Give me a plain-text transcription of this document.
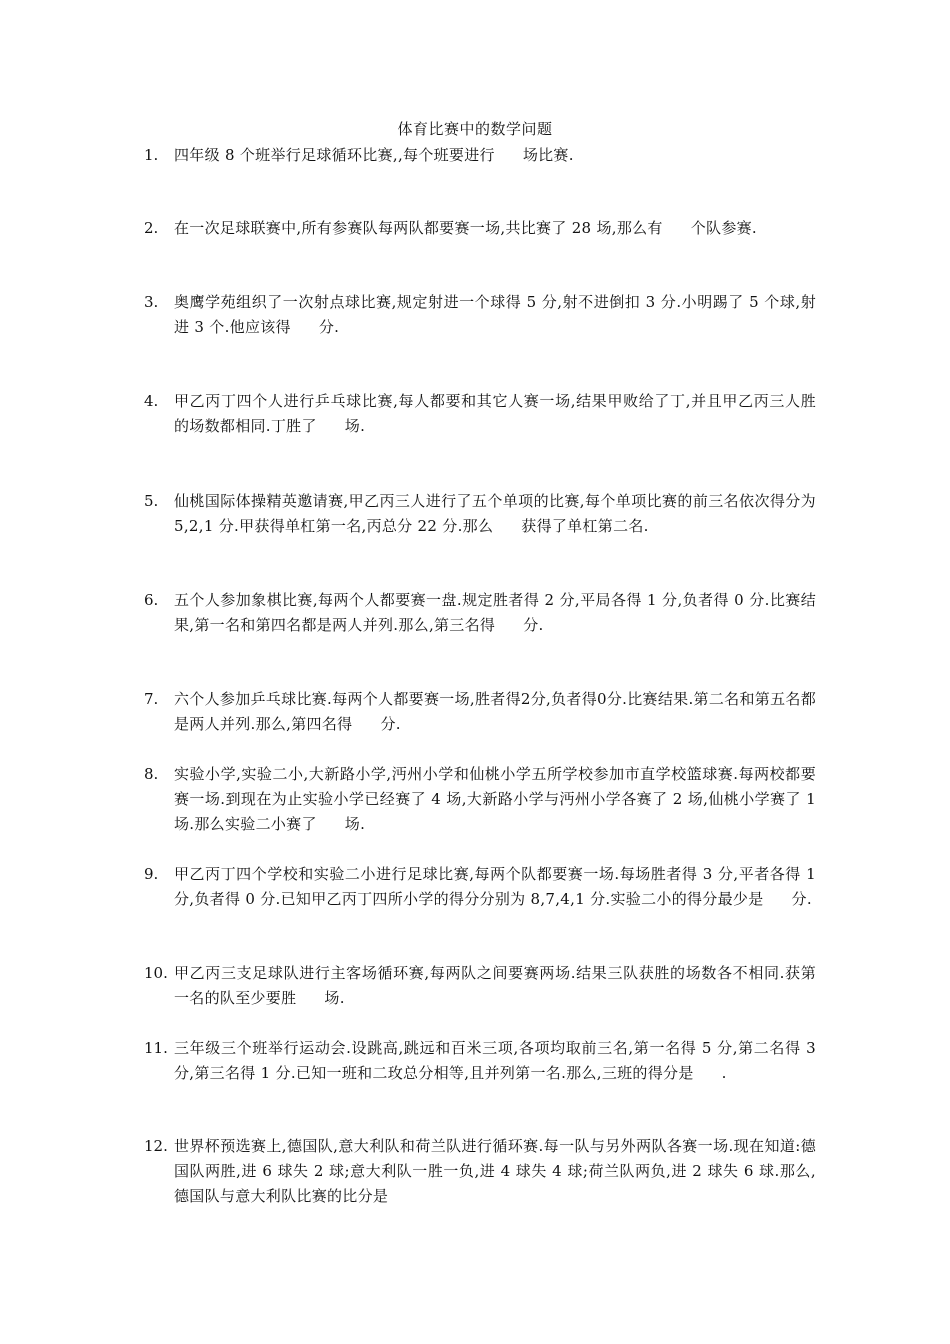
体育比赛中的数学问题
1.	四年级 8 个班举行足球循环比赛,,每个班要进行 场比赛.
2.	在一次足球联赛中,所有参赛队每两队都要赛一场,共比赛了 28 场,那么有 个队参赛.
3.	奥鹰学苑组织了一次射点球比赛,规定射进一个球得 5 分,射不进倒扣 3 分.小明踢了 5 个球,射进 3 个.他应该得 分.
4.	甲乙丙丁四个人进行乒乓球比赛,每人都要和其它人赛一场,结果甲败给了丁,并且甲乙丙三人胜的场数都相同.丁胜了 场.
5.	仙桃国际体操精英邀请赛,甲乙丙三人进行了五个单项的比赛,每个单项比赛的前三名依次得分为 5,2,1 分.甲获得单杠第一名,丙总分 22 分.那么 获得了单杠第二名.
6.	五个人参加象棋比赛,每两个人都要赛一盘.规定胜者得 2 分,平局各得 1 分,负者得 0 分.比赛结果,第一名和第四名都是两人并列.那么,第三名得 分.
7.	六个人参加乒乓球比赛.每两个人都要赛一场,胜者得2分,负者得0分.比赛结果.第二名和第五名都是两人并列.那么,第四名得 分.
8.	实验小学,实验二小,大新路小学,沔州小学和仙桃小学五所学校参加市直学校篮球赛.每两校都要赛一场.到现在为止实验小学已经赛了 4 场,大新路小学与沔州小学各赛了 2 场,仙桃小学赛了 1 场.那么实验二小赛了 场.
9.	甲乙丙丁四个学校和实验二小进行足球比赛,每两个队都要赛一场.每场胜者得 3 分,平者各得 1 分,负者得 0 分.已知甲乙丙丁四所小学的得分分别为 8,7,4,1 分.实验二小的得分最少是 分.
10. 甲乙丙三支足球队进行主客场循环赛,每两队之间要赛两场.结果三队获胜的场数各不相同.获第一名的队至少要胜 场.
11. 三年级三个班举行运动会.设跳高,跳远和百米三项,各项均取前三名,第一名得 5 分,第二名得 3 分,第三名得 1 分.已知一班和二玫总分相等,且并列第一名.那么,三班的得分是 .
12. 世界杯预选赛上,德国队,意大利队和荷兰队进行循环赛.每一队与另外两队各赛一场.现在知道:德国队两胜,进 6 球失 2 球;意大利队一胜一负,进 4 球失 4 球;荷兰队两负,进 2 球失 6 球.那么,德国队与意大利队比赛的比分是
